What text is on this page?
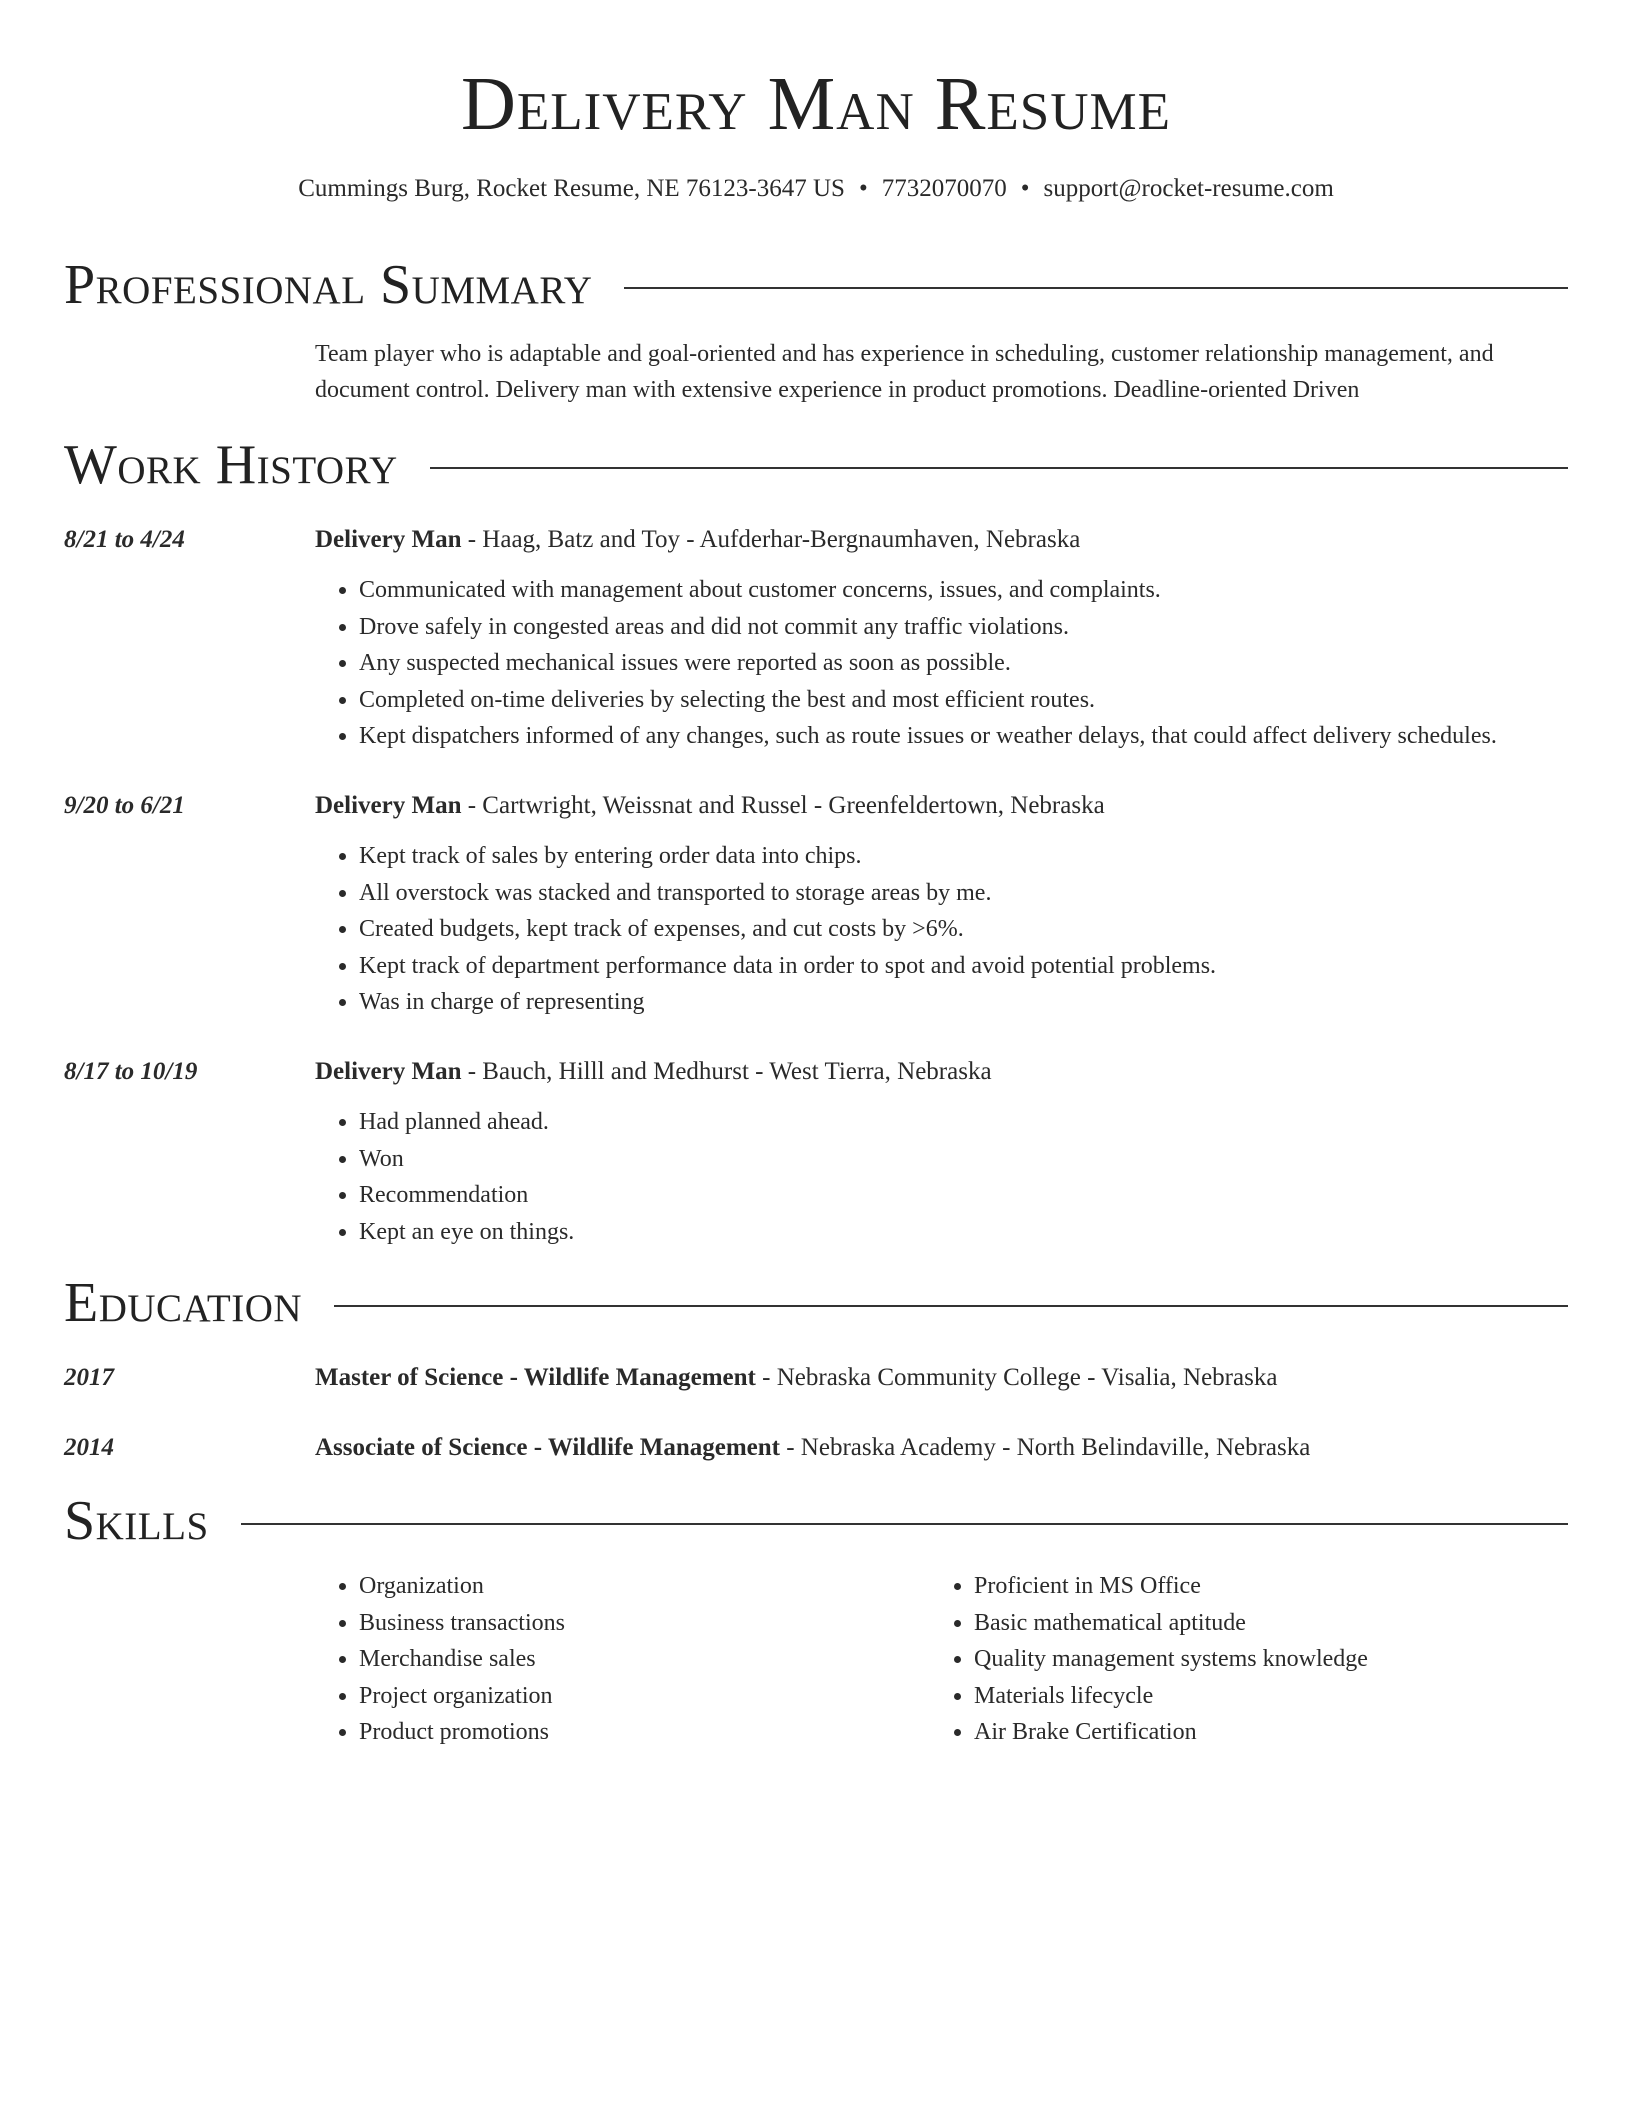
Delivery Man Resume
Cummings Burg, Rocket Resume, NE 76123-3647 US • 7732070070 • support@rocket-resume.com
Professional Summary
Team player who is adaptable and goal-oriented and has experience in scheduling, customer relationship management, and document control. Delivery man with extensive experience in product promotions. Deadline-oriented Driven
Work History
8/21 to 4/24	Delivery Man - Haag, Batz and Toy - Aufderhar-Bergnaumhaven, Nebraska
• Communicated with management about customer concerns, issues, and complaints.
• Drove safely in congested areas and did not commit any traffic violations.
• Any suspected mechanical issues were reported as soon as possible.
• Completed on-time deliveries by selecting the best and most efficient routes.
• Kept dispatchers informed of any changes, such as route issues or weather delays, that could affect delivery schedules.
9/20 to 6/21	Delivery Man - Cartwright, Weissnat and Russel - Greenfeldertown, Nebraska
• Kept track of sales by entering order data into chips.
• All overstock was stacked and transported to storage areas by me.
• Created budgets, kept track of expenses, and cut costs by >6%.
• Kept track of department performance data in order to spot and avoid potential problems.
• Was in charge of representing
8/17 to 10/19	Delivery Man - Bauch, Hilll and Medhurst - West Tierra, Nebraska
• Had planned ahead.
• Won
• Recommendation
• Kept an eye on things.
Education
2017	Master of Science - Wildlife Management - Nebraska Community College - Visalia, Nebraska
2014	Associate of Science - Wildlife Management - Nebraska Academy - North Belindaville, Nebraska
Skills
• Organization
• Business transactions
• Merchandise sales
• Project organization
• Product promotions
• Proficient in MS Office
• Basic mathematical aptitude
• Quality management systems knowledge
• Materials lifecycle
• Air Brake Certification
